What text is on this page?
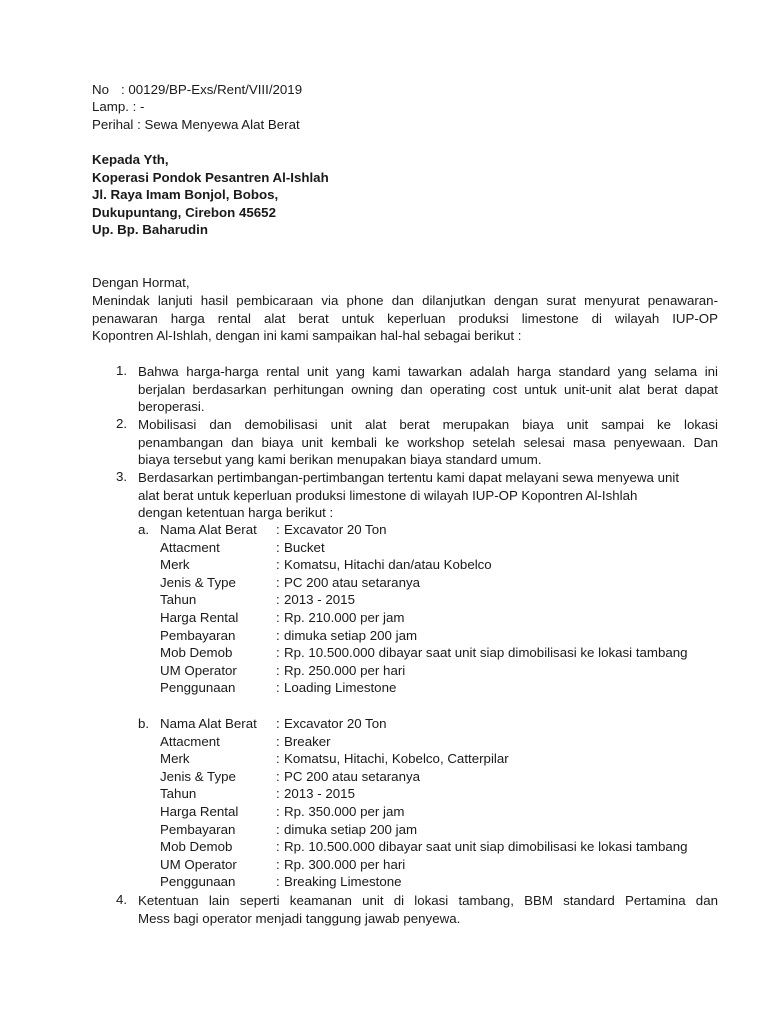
No : 00129/BP-Exs/Rent/VIII/2019
Lamp. : -
Perihal : Sewa Menyewa Alat Berat
Kepada Yth,
Koperasi Pondok Pesantren Al-Ishlah
Jl. Raya Imam Bonjol, Bobos,
Dukupuntang, Cirebon 45652
Up. Bp. Baharudin
Dengan Hormat,
Menindak lanjuti hasil pembicaraan via phone dan dilanjutkan dengan surat menyurat penawaran-
penawaran harga rental alat berat untuk keperluan produksi limestone di wilayah IUP-OP
Kopontren Al-Ishlah, dengan ini kami sampaikan hal-hal sebagai berikut :
1. Bahwa harga-harga rental unit yang kami tawarkan adalah harga standard yang selama ini
berjalan berdasarkan perhitungan owning dan operating cost untuk unit-unit alat berat dapat
beroperasi.
2. Mobilisasi dan demobilisasi unit alat berat merupakan biaya unit sampai ke lokasi
penambangan dan biaya unit kembali ke workshop setelah selesai masa penyewaan. Dan
biaya tersebut yang kami berikan menupakan biaya standard umum.
3. Berdasarkan pertimbangan-pertimbangan tertentu kami dapat melayani sewa menyewa unit
alat berat untuk keperluan produksi limestone di wilayah IUP-OP Kopontren Al-Ishlah
dengan ketentuan harga berikut :
a. Nama Alat Berat : Excavator 20 Ton
Attacment	: Bucket
Merk	: Komatsu, Hitachi dan/atau Kobelco
Jenis & Type	: PC 200 atau setaranya
Tahun	: 2013 - 2015
Harga Rental	: Rp. 210.000 per jam
Pembayaran	: dimuka setiap 200 jam
Mob Demob	: Rp. 10.500.000 dibayar saat unit siap dimobilisasi ke lokasi tambang
UM Operator	: Rp. 250.000 per hari
Penggunaan	: Loading Limestone
b. Nama Alat Berat : Excavator 20 Ton
Attacment	: Breaker
Merk	: Komatsu, Hitachi, Kobelco, Catterpilar
Jenis & Type	: PC 200 atau setaranya
Tahun	: 2013 - 2015
Harga Rental	: Rp. 350.000 per jam
Pembayaran	: dimuka setiap 200 jam
Mob Demob	: Rp. 10.500.000 dibayar saat unit siap dimobilisasi ke lokasi tambang
UM Operator	: Rp. 300.000 per hari
Penggunaan	: Breaking Limestone
4. Ketentuan lain seperti keamanan unit di lokasi tambang, BBM standard Pertamina dan
Mess bagi operator menjadi tanggung jawab penyewa.
